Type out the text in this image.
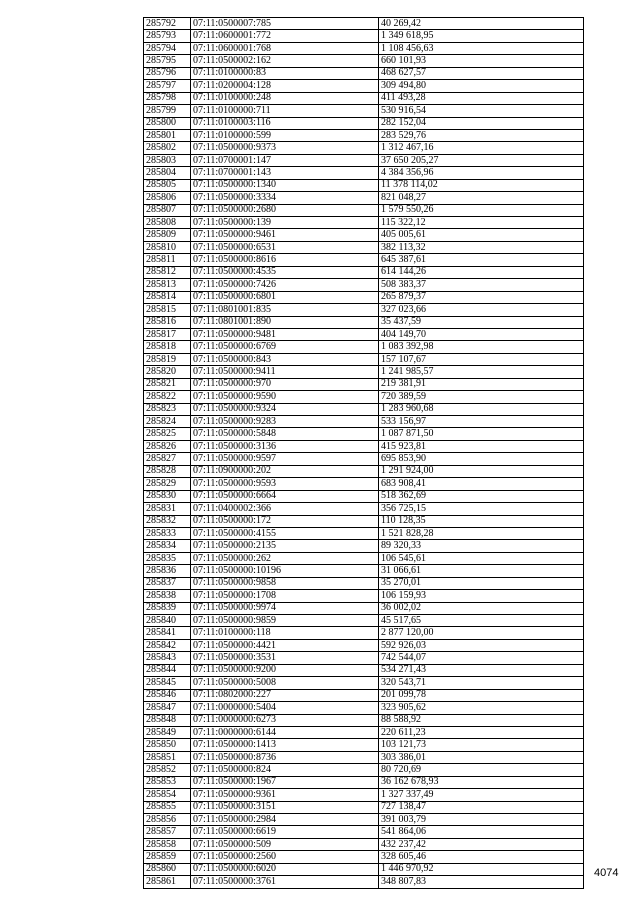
285792	07:11:0500007:785	40 269,42
285793	07:11:0600001:772	1 349 618,95
285794	07:11:0600001:768	1 108 456,63
285795	07:11:0500002:162	660 101,93
285796	07:11:0100000:83	468 627,57
285797	07:11:0200004:128	309 494,80
285798	07:11:0100000:248	411 493,28
285799	07:11:0100000:711	530 916,54
285800	07:11:0100003:116	282 152,04
285801	07:11:0100000:599	283 529,76
285802	07:11:0500000:9373	1 312 467,16
285803	07:11:0700001:147	37 650 205,27
285804	07:11:0700001:143	4 384 356,96
285805	07:11:0500000:1340	11 378 114,02
285806	07:11:0500000:3334	821 048,27
285807	07:11:0500000:2680	1 579 550,26
285808	07:11:0500000:139	115 322,12
285809	07:11:0500000:9461	405 005,61
285810	07:11:0500000:6531	382 113,32
285811	07:11:0500000:8616	645 387,61
285812	07:11:0500000:4535	614 144,26
285813	07:11:0500000:7426	508 383,37
285814	07:11:0500000:6801	265 879,37
285815	07:11:0801001:835	327 023,66
285816	07:11:0801001:890	35 437,59
285817	07:11:0500000:9481	404 149,70
285818	07:11:0500000:6769	1 083 392,98
285819	07:11:0500000:843	157 107,67
285820	07:11:0500000:9411	1 241 985,57
285821	07:11:0500000:970	219 381,91
285822	07:11:0500000:9590	720 389,59
285823	07:11:0500000:9324	1 283 960,68
285824	07:11:0500000:9283	533 156,97
285825	07:11:0500000:5848	1 087 871,50
285826	07:11:0500000:3136	415 923,81
285827	07:11:0500000:9597	695 853,90
285828	07:11:0900000:202	1 291 924,00
285829	07:11:0500000:9593	683 908,41
285830	07:11:0500000:6664	518 362,69
285831	07:11:0400002:366	356 725,15
285832	07:11:0500000:172	110 128,35
285833	07:11:0500000:4155	1 521 828,28
285834	07:11:0500000:2135	89 320,33
285835	07:11:0500000:262	106 545,61
285836	07:11:0500000:10196	31 066,61
285837	07:11:0500000:9858	35 270,01
285838	07:11:0500000:1708	106 159,93
285839	07:11:0500000:9974	36 002,02
285840	07:11:0500000:9859	45 517,65
285841	07:11:0100000:118	2 877 120,00
285842	07:11:0500000:4421	592 926,03
285843	07:11:0500000:3531	742 544,07
285844	07:11:0500000:9200	534 271,43
285845	07:11:0500000:5008	320 543,71
285846	07:11:0802000:227	201 099,78
285847	07:11:0000000:5404	323 905,62
285848	07:11:0000000:6273	88 588,92
285849	07:11:0000000:6144	220 611,23
285850	07:11:0500000:1413	103 121,73
285851	07:11:0500000:8736	303 386,01
285852	07:11:0500000:824	80 720,69
285853	07:11:0500000:1967	36 162 678,93
285854	07:11:0500000:9361	1 327 337,49
285855	07:11:0500000:3151	727 138,47
285856	07:11:0500000:2984	391 003,79
285857	07:11:0500000:6619	541 864,06
285858	07:11:0500000:509	432 237,42
285859	07:11:0500000:2560	328 605,46
285860	07:11:0500000:6020	1 446 970,92
285861	07:11:0500000:3761	348 807,83
4074
